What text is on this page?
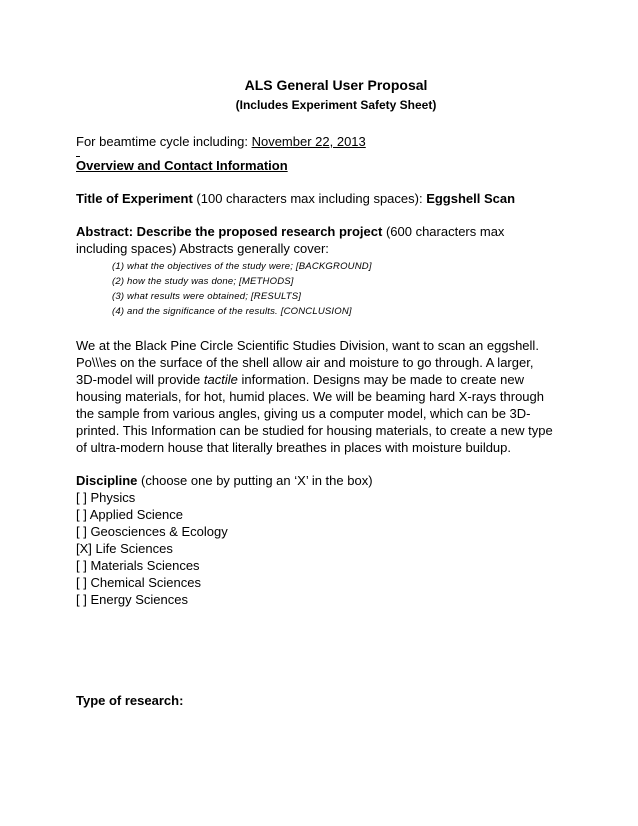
ALS General User Proposal
(Includes Experiment Safety Sheet)
For beamtime cycle including: November 22, 2013
Overview and Contact Information
Title of Experiment (100 characters max including spaces): Eggshell Scan
Abstract: Describe the proposed research project (600 characters max including spaces) Abstracts generally cover:
(1) what the objectives of the study were; [BACKGROUND]
(2) how the study was done; [METHODS]
(3) what results were obtained; [RESULTS]
(4) and the significance of the results. [CONCLUSION]
We at the Black Pine Circle Scientific Studies Division, want to scan an eggshell. Po\\\es on the surface of the shell allow air and moisture to go through. A larger, 3D-model will provide tactile information. Designs may be made to create new housing materials, for hot, humid places. We will be beaming hard X-rays through the sample from various angles, giving us a computer model, which can be 3D-printed. This Information can be studied for housing materials, to create a new type of ultra-modern house that literally breathes in places with moisture buildup.
Discipline (choose one by putting an ‘X’ in the box)
[ ] Physics
[ ] Applied Science
[ ] Geosciences & Ecology
[X] Life Sciences
[ ] Materials Sciences
[ ] Chemical Sciences
[ ] Energy Sciences
Type of research:
